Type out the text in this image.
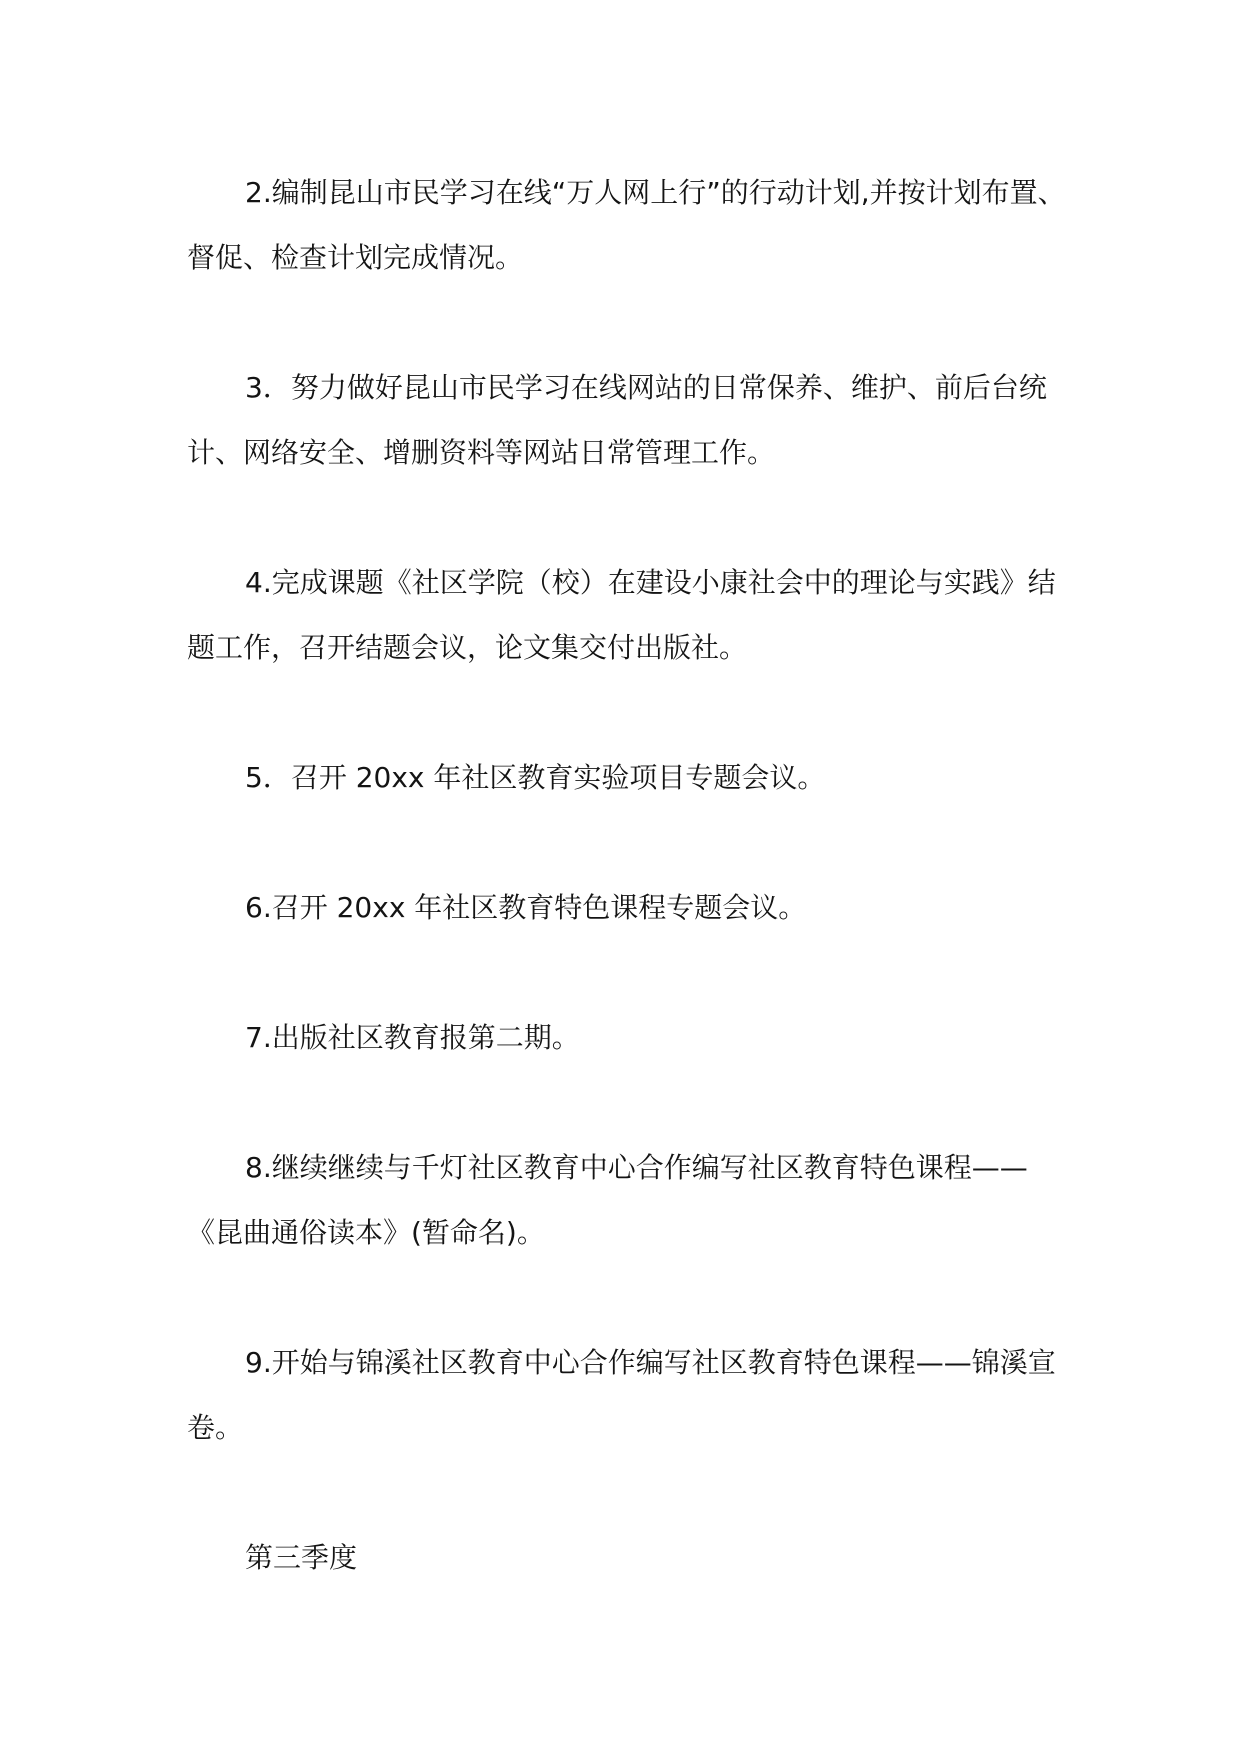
2.编制昆山市民学习在线“万人网上行”的行动计划,并按计划布置、督促、检查计划完成情况。

3．努力做好昆山市民学习在线网站的日常保养、维护、前后台统计、网络安全、增删资料等网站日常管理工作。

4.完成课题《社区学院（校）在建设小康社会中的理论与实践》结题工作，召开结题会议，论文集交付出版社。

5．召开 20xx 年社区教育实验项目专题会议。

6.召开 20xx 年社区教育特色课程专题会议。

7.出版社区教育报第二期。

8.继续继续与千灯社区教育中心合作编写社区教育特色课程——《昆曲通俗读本》(暂命名)。

9.开始与锦溪社区教育中心合作编写社区教育特色课程——锦溪宣卷。

第三季度
